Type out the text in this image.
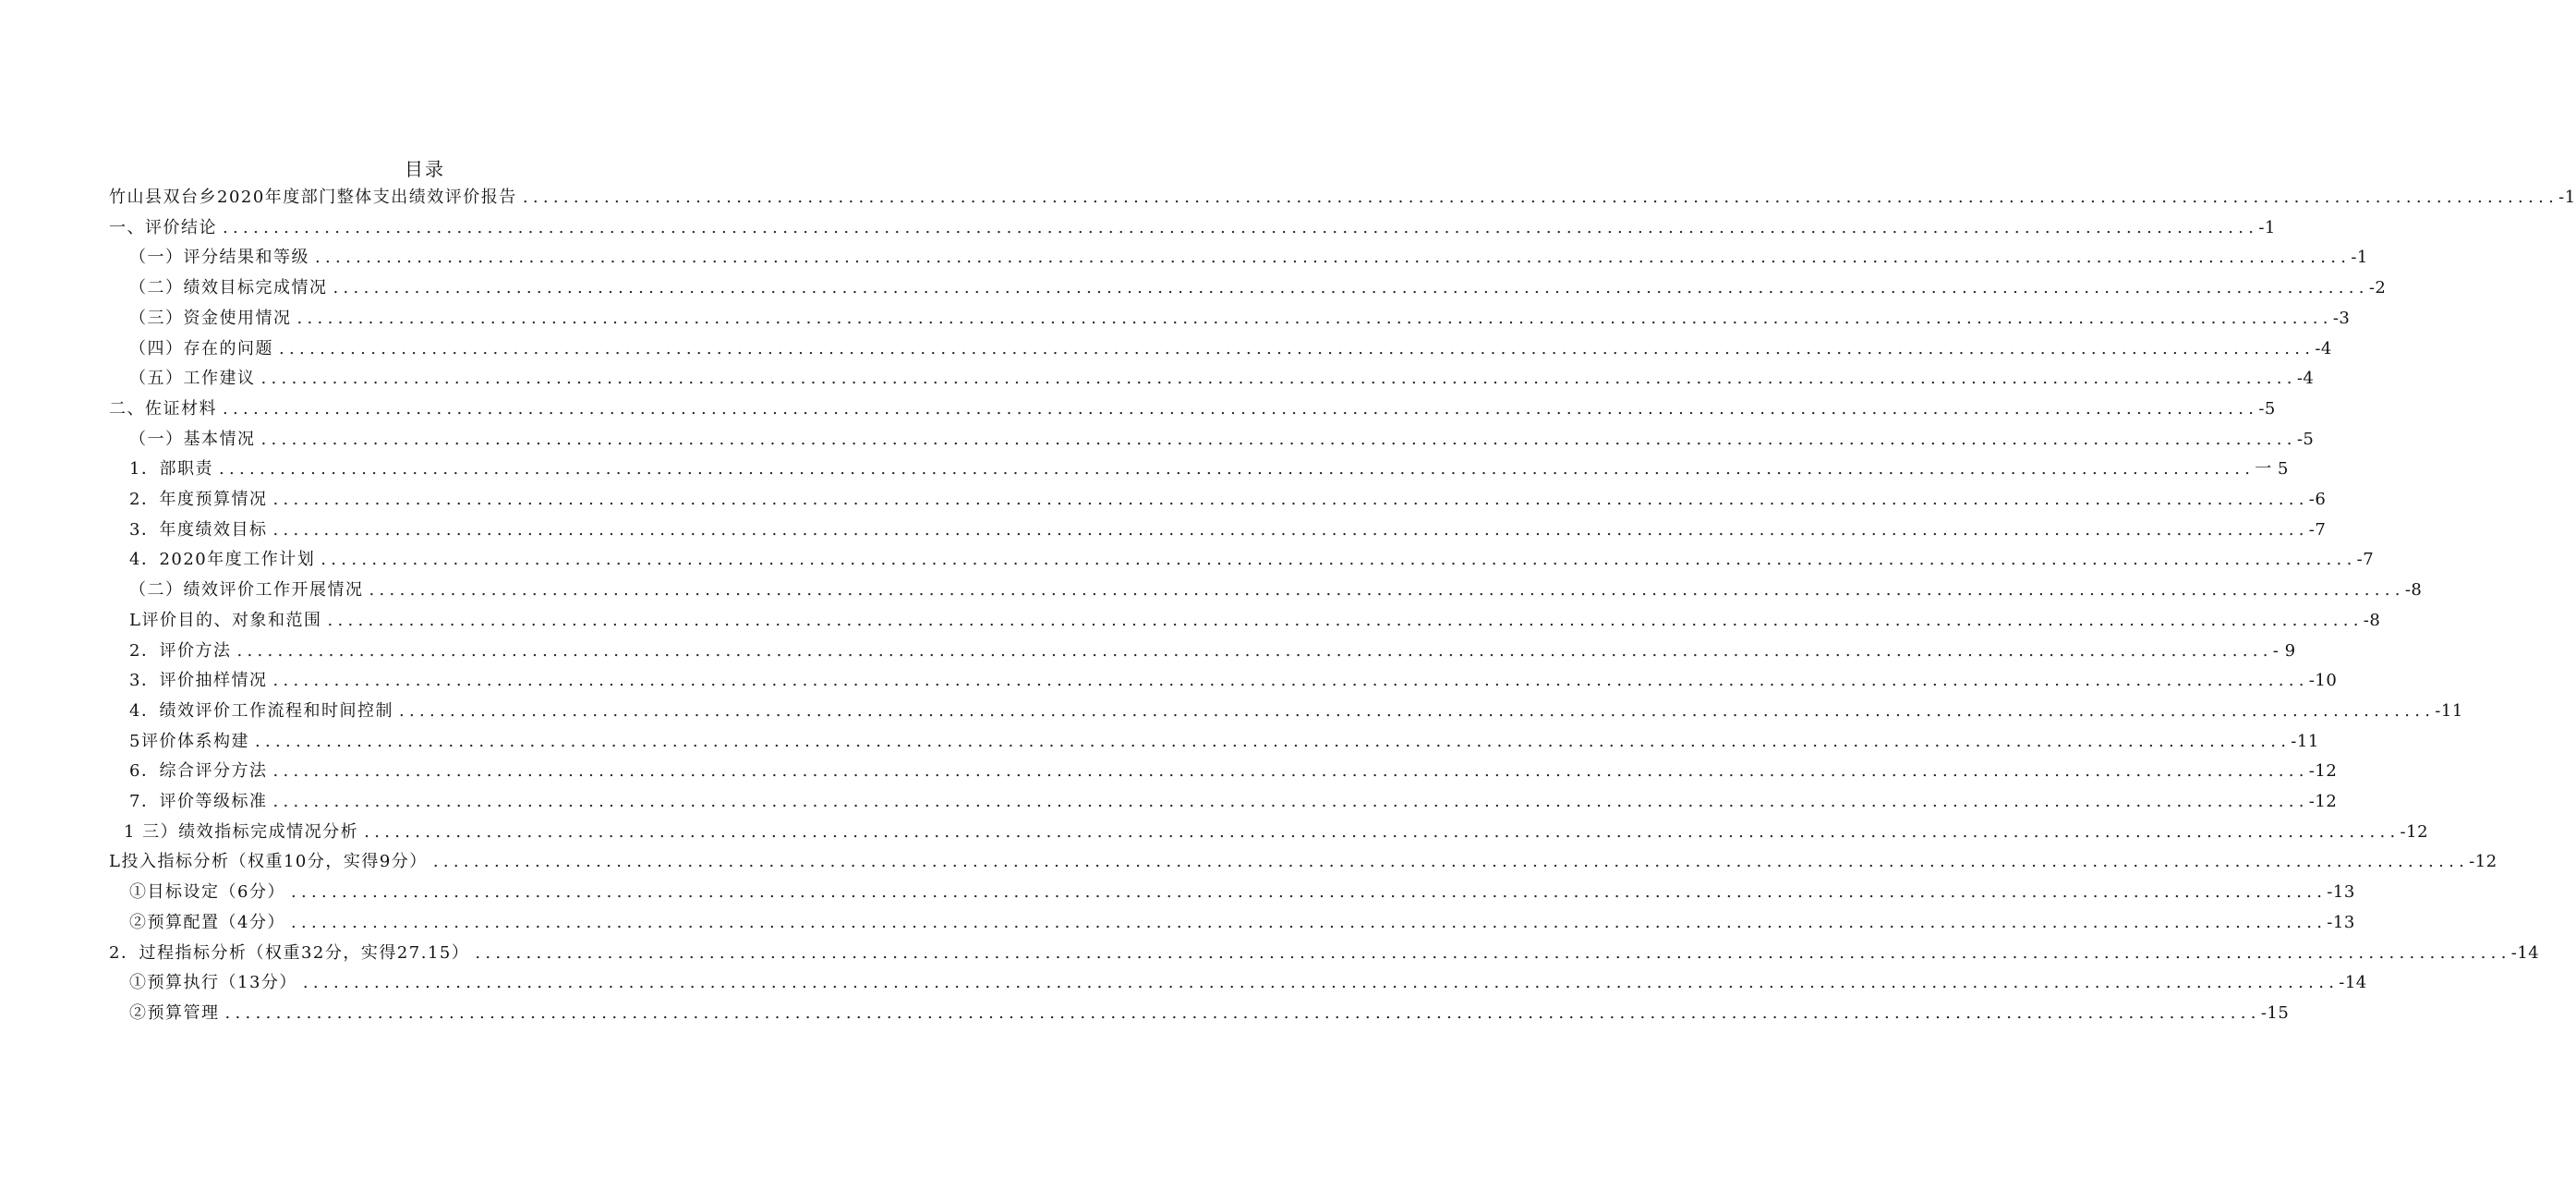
目录
竹山县双台乡2020年度部门整体支出绩效评价报告 ........................................................................................................................................................................................................ -1
一、评价结论 ........................................................................................................................................................................................................ -1
（一）评分结果和等级 ........................................................................................................................................................................................................ -1
（二）绩效目标完成情况 ........................................................................................................................................................................................................ -2
（三）资金使用情况 ........................................................................................................................................................................................................ -3
（四）存在的问题 ........................................................................................................................................................................................................ -4
（五）工作建议 ........................................................................................................................................................................................................ -4
二、佐证材料 ........................................................................................................................................................................................................ -5
（一）基本情况 ........................................................................................................................................................................................................ -5
1．部职责 ........................................................................................................................................................................................................ 一 5
2．年度预算情况 ........................................................................................................................................................................................................ -6
3．年度绩效目标 ........................................................................................................................................................................................................ -7
4．2020年度工作计划 ........................................................................................................................................................................................................ -7
（二）绩效评价工作开展情况 ........................................................................................................................................................................................................ -8
L评价目的、对象和范围 ........................................................................................................................................................................................................ -8
2．评价方法 ........................................................................................................................................................................................................ - 9
3．评价抽样情况 ........................................................................................................................................................................................................ -10
4．绩效评价工作流程和时间控制 ........................................................................................................................................................................................................ -11
5评价体系构建 ........................................................................................................................................................................................................ -11
6．综合评分方法 ........................................................................................................................................................................................................ -12
7．评价等级标准 ........................................................................................................................................................................................................ -12
1 三）绩效指标完成情况分析 ........................................................................................................................................................................................................ -12
L投入指标分析（权重10分，实得9分） ........................................................................................................................................................................................................ -12
①目标设定（6分） ........................................................................................................................................................................................................ -13
②预算配置（4分） ........................................................................................................................................................................................................ -13
2．过程指标分析（权重32分，实得27.15） ........................................................................................................................................................................................................ -14
①预算执行（13分） ........................................................................................................................................................................................................ -14
②预算管理 ........................................................................................................................................................................................................ -15
